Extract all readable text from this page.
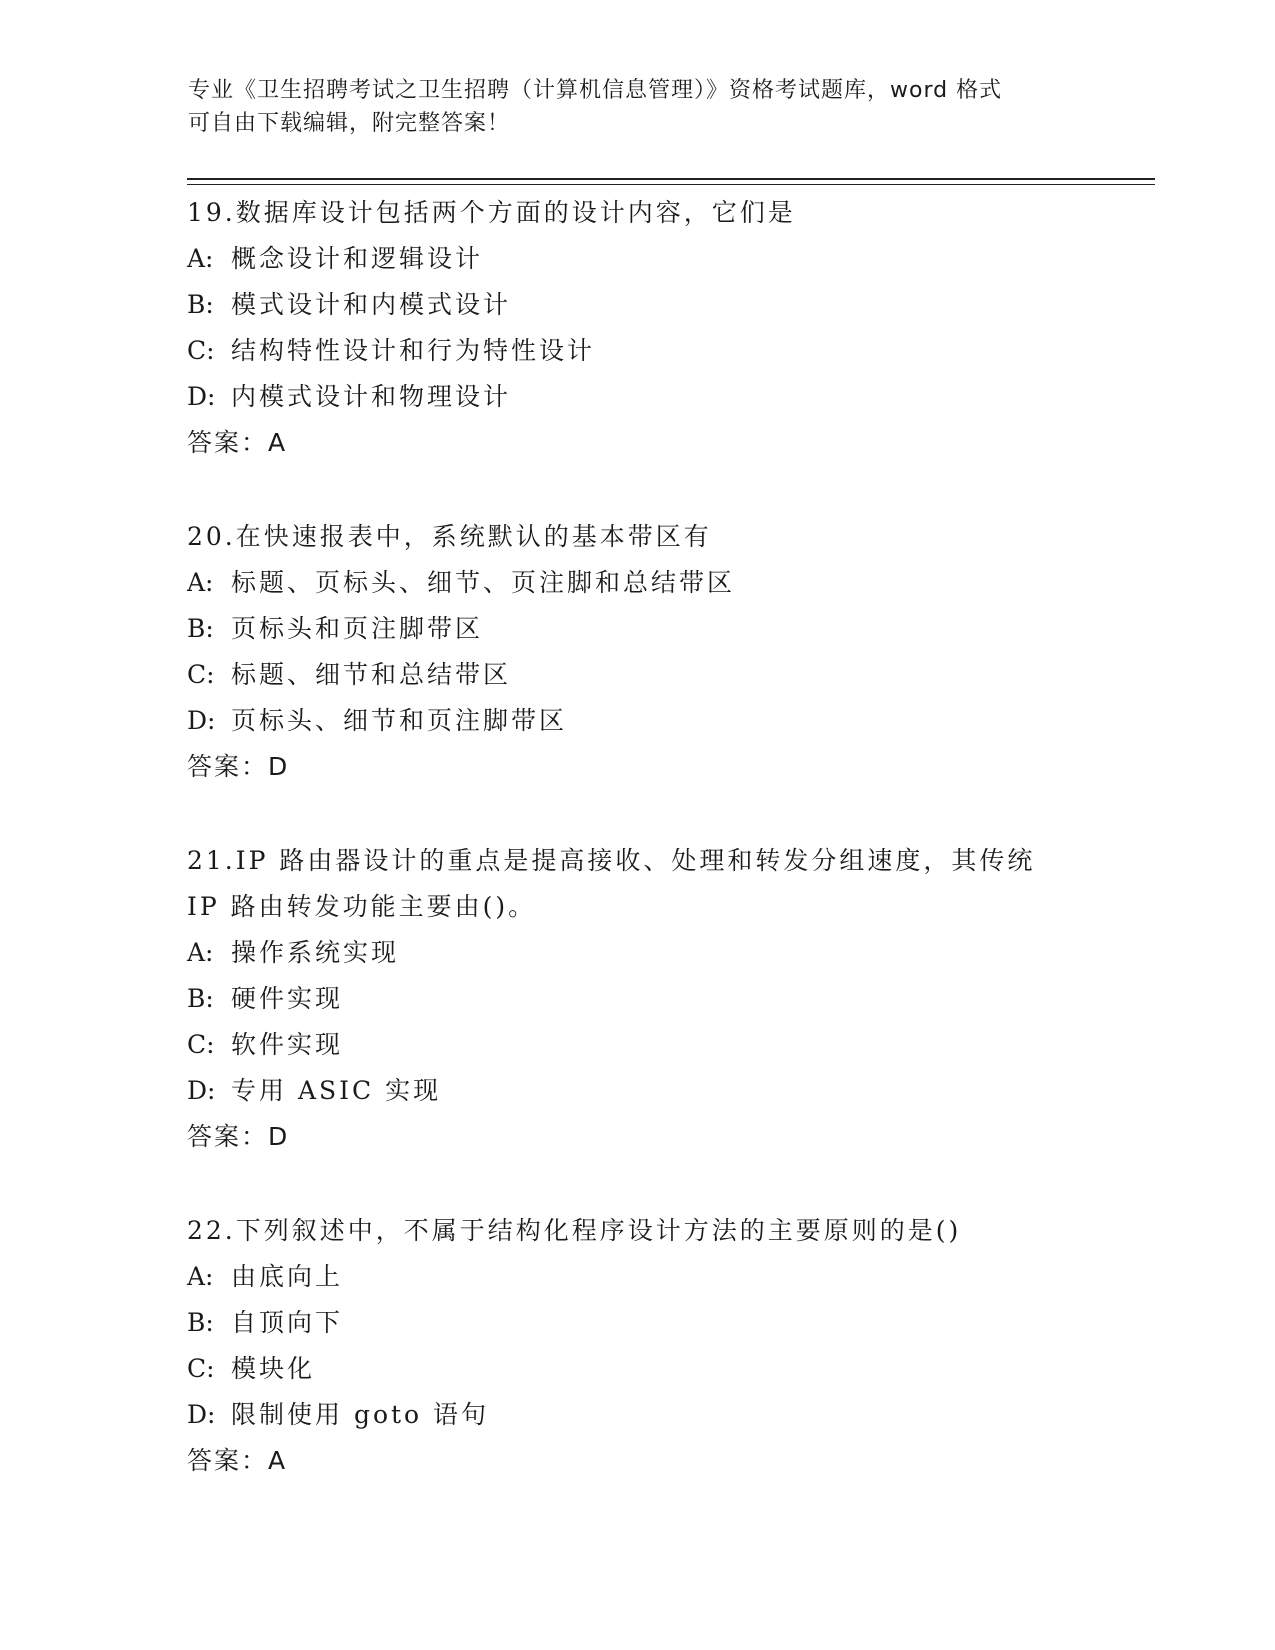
专业《卫生招聘考试之卫生招聘（计算机信息管理）》资格考试题库，word 格式

可自由下载编辑，附完整答案！

19.数据库设计包括两个方面的设计内容，它们是

A: 概念设计和逻辑设计

B: 模式设计和内模式设计

C: 结构特性设计和行为特性设计

D: 内模式设计和物理设计

答案：A

20.在快速报表中，系统默认的基本带区有

A: 标题、页标头、细节、页注脚和总结带区

B: 页标头和页注脚带区

C: 标题、细节和总结带区

D: 页标头、细节和页注脚带区

答案：D

21.IP 路由器设计的重点是提高接收、处理和转发分组速度，其传统 IP 路由转发功能主要由()。

A: 操作系统实现

B: 硬件实现

C: 软件实现

D: 专用 ASIC 实现

答案：D

22.下列叙述中，不属于结构化程序设计方法的主要原则的是()

A: 由底向上

B: 自顶向下

C: 模块化

D: 限制使用 goto 语句

答案：A
